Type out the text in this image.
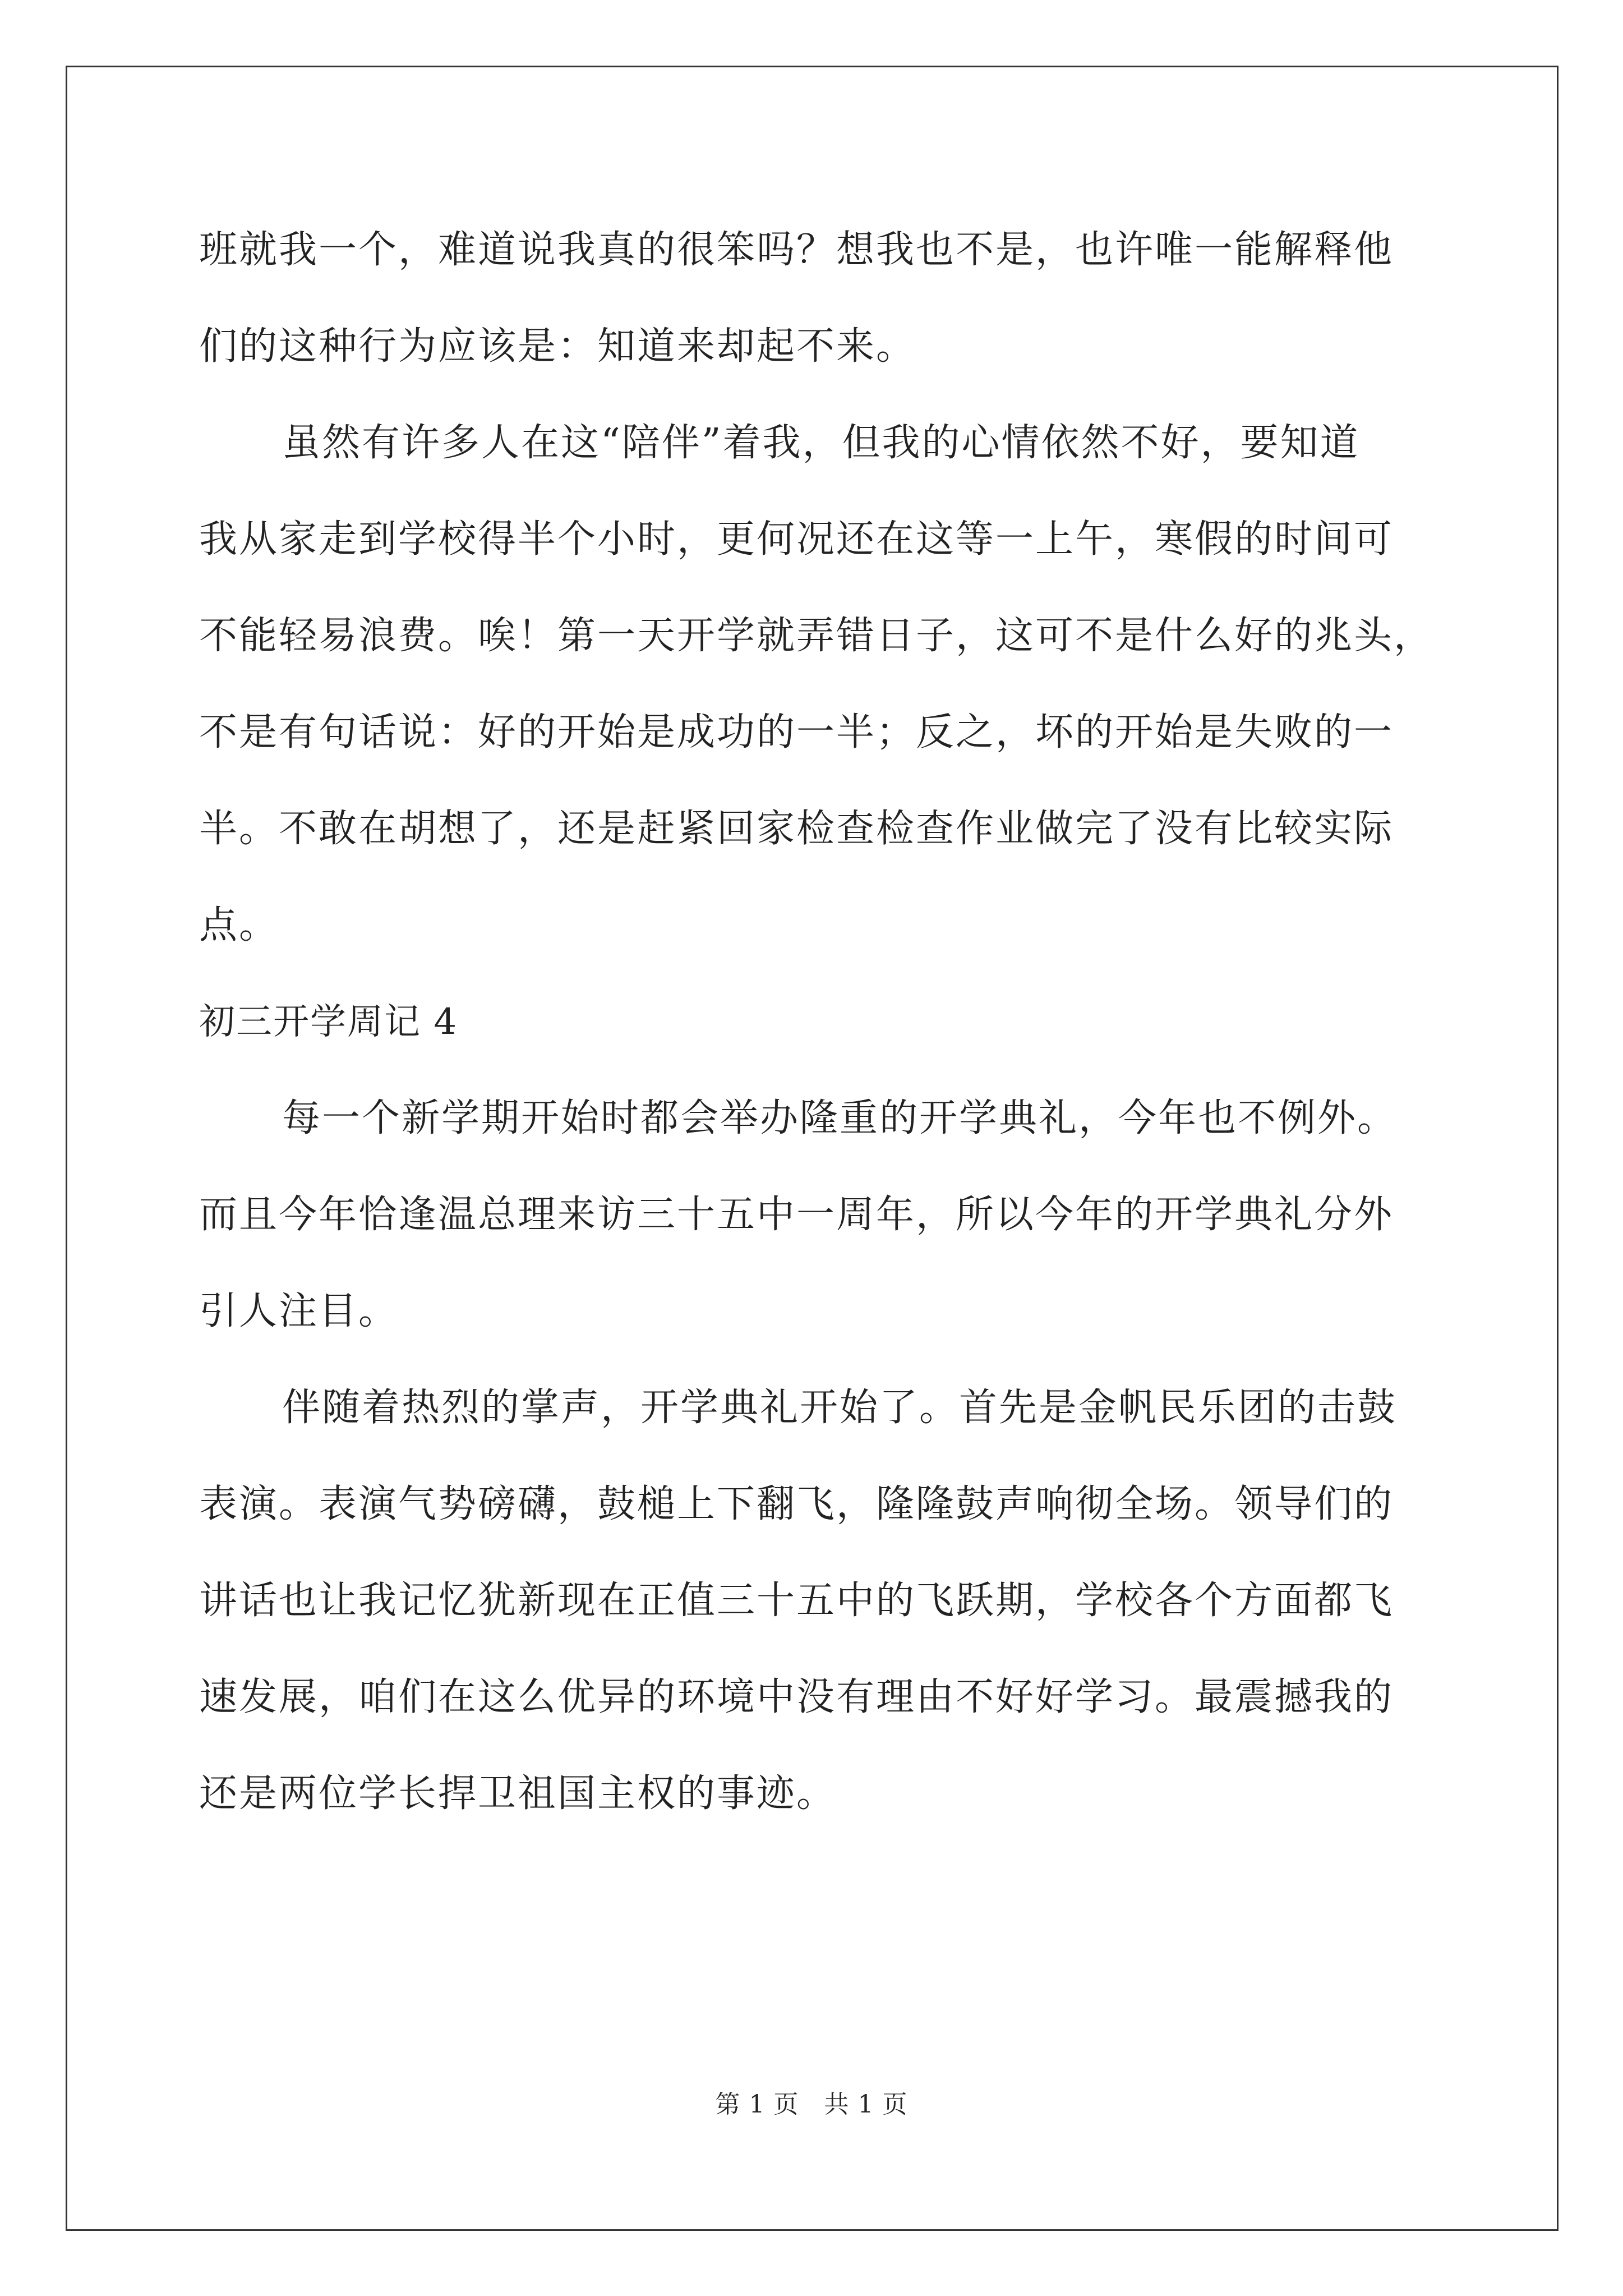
班就我一个，难道说我真的很笨吗？想我也不是，也许唯一能解释他
们的这种行为应该是：知道来却起不来。
虽然有许多人在这“陪伴”着我，但我的心情依然不好，要知道
我从家走到学校得半个小时，更何况还在这等一上午，寒假的时间可
不能轻易浪费。唉！第一天开学就弄错日子，这可不是什么好的兆头，
不是有句话说：好的开始是成功的一半；反之，坏的开始是失败的一
半。不敢在胡想了，还是赶紧回家检查检查作业做完了没有比较实际
点。
初三开学周记 4
每一个新学期开始时都会举办隆重的开学典礼，今年也不例外。
而且今年恰逢温总理来访三十五中一周年，所以今年的开学典礼分外
引人注目。
伴随着热烈的掌声，开学典礼开始了。首先是金帆民乐团的击鼓
表演。表演气势磅礴，鼓槌上下翻飞，隆隆鼓声响彻全场。领导们的
讲话也让我记忆犹新现在正值三十五中的飞跃期，学校各个方面都飞
速发展，咱们在这么优异的环境中没有理由不好好学习。最震撼我的
还是两位学长捍卫祖国主权的事迹。
第 1 页   共 1 页
